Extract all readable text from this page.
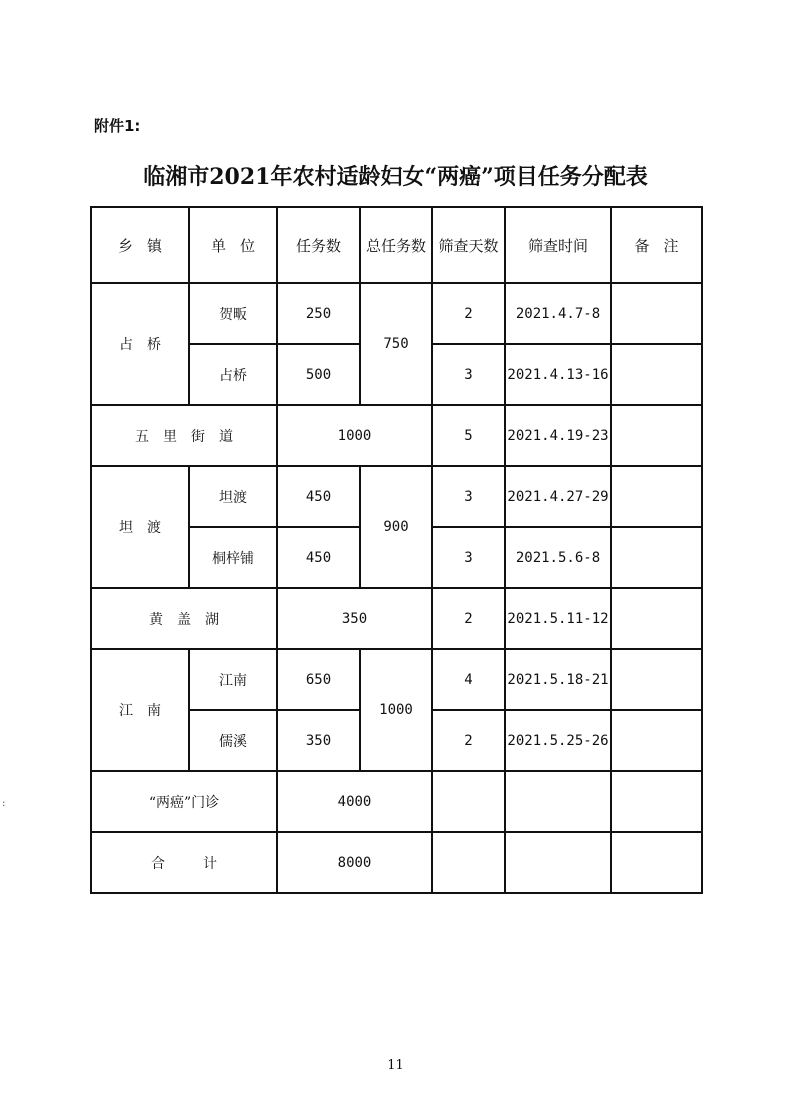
附件1:
临湘市2021年农村适龄妇女“两癌”项目任务分配表
乡镇	单位	任务数	总任务数	筛查天数	筛查时间	备注
占桥	贺畈	250	750	2	2021.4.7-8	
	占桥	500		3	2021.4.13-16	
五里街道		1000		5	2021.4.19-23	
坦渡	坦渡	450	900	3	2021.4.27-29	
	桐梓铺	450		3	2021.5.6-8	
黄盖湖		350		2	2021.5.11-12	
江南	江南	650	1000	4	2021.5.18-21	
	儒溪	350		2	2021.5.25-26	
“两癌”门诊		4000				
合计		8000				
:
11
